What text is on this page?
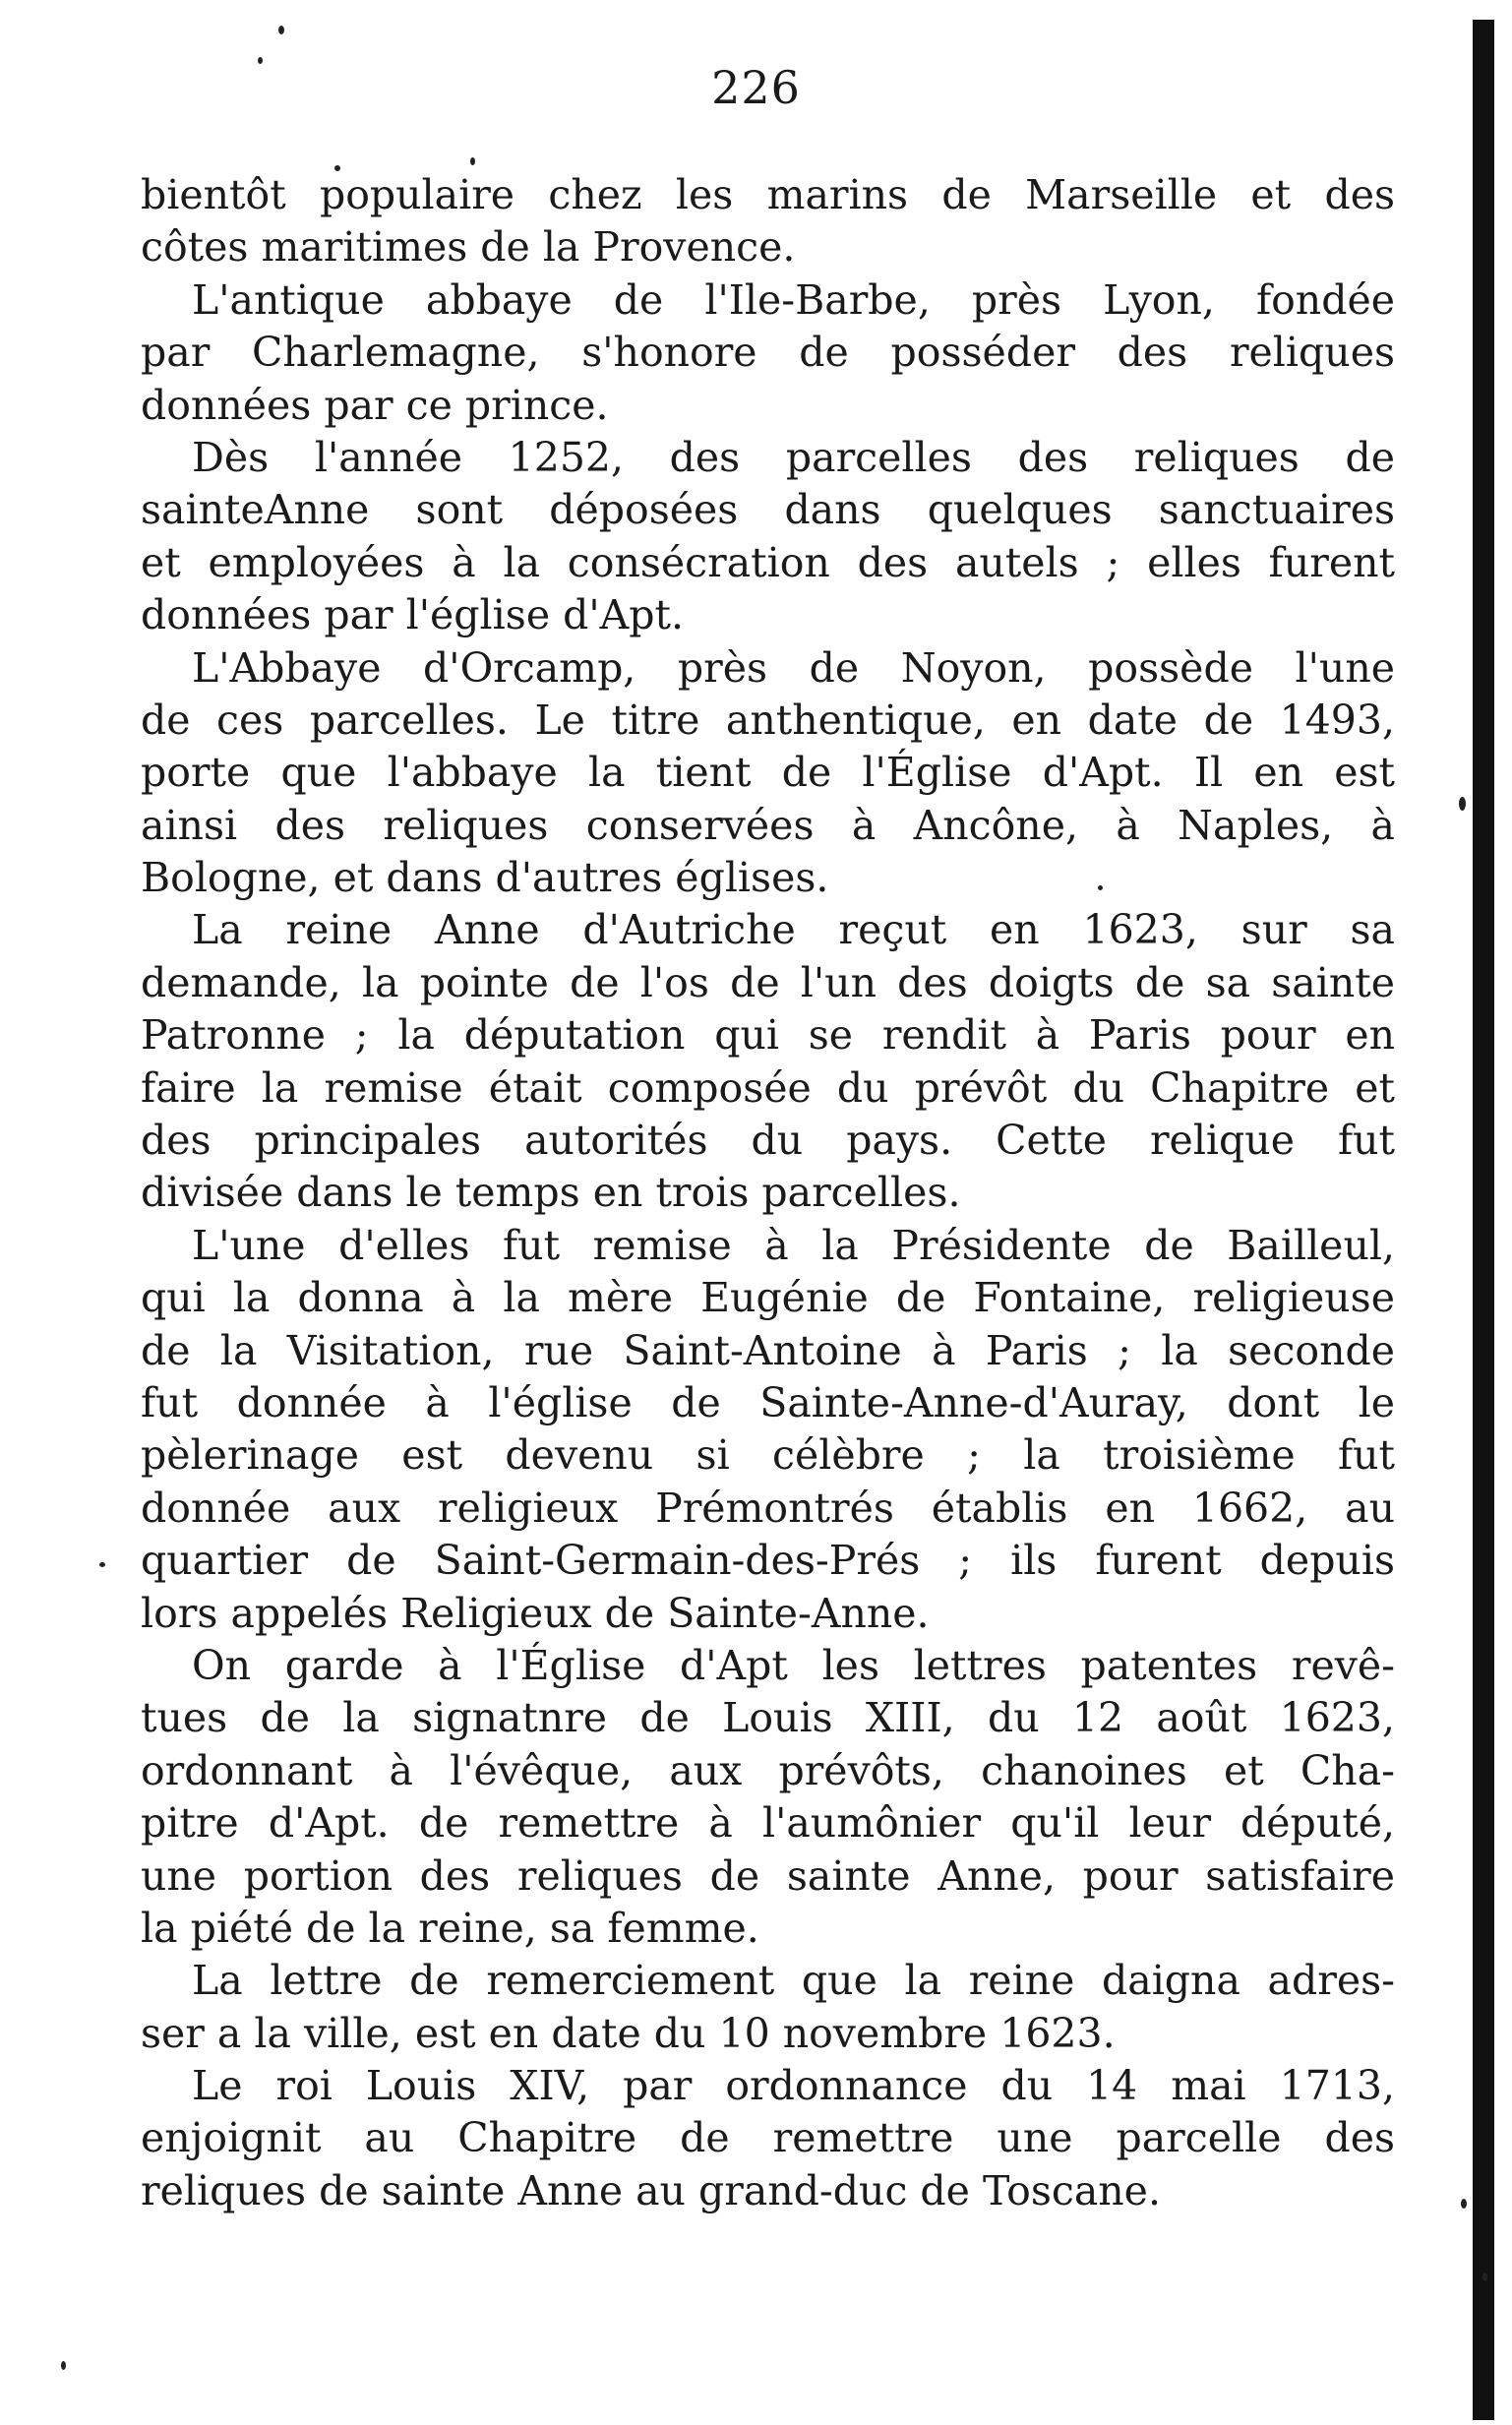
226
bientôt populaire chez les marins de Marseille et des
côtes maritimes de la Provence.
L'antique abbaye de l'Ile-Barbe, près Lyon, fondée
par Charlemagne, s'honore de posséder des reliques
données par ce prince.
Dès l'année 1252, des parcelles des reliques de
sainteAnne sont déposées dans quelques sanctuaires
et employées à la consécration des autels ; elles furent
données par l'église d'Apt.
L'Abbaye d'Orcamp, près de Noyon, possède l'une
de ces parcelles. Le titre anthentique, en date de 1493,
porte que l'abbaye la tient de l'Église d'Apt. Il en est
ainsi des reliques conservées à Ancône, à Naples, à
Bologne, et dans d'autres églises.
La reine Anne d'Autriche reçut en 1623, sur sa
demande, la pointe de l'os de l'un des doigts de sa sainte
Patronne ; la députation qui se rendit à Paris pour en
faire la remise était composée du prévôt du Chapitre et
des principales autorités du pays. Cette relique fut
divisée dans le temps en trois parcelles.
L'une d'elles fut remise à la Présidente de Bailleul,
qui la donna à la mère Eugénie de Fontaine, religieuse
de la Visitation, rue Saint-Antoine à Paris ; la seconde
fut donnée à l'église de Sainte-Anne-d'Auray, dont le
pèlerinage est devenu si célèbre ; la troisième fut
donnée aux religieux Prémontrés établis en 1662, au
quartier de Saint-Germain-des-Prés ; ils furent depuis
lors appelés Religieux de Sainte-Anne.
On garde à l'Église d'Apt les lettres patentes revê-
tues de la signatnre de Louis XIII, du 12 août 1623,
ordonnant à l'évêque, aux prévôts, chanoines et Cha-
pitre d'Apt. de remettre à l'aumônier qu'il leur député,
une portion des reliques de sainte Anne, pour satisfaire
la piété de la reine, sa femme.
La lettre de remerciement que la reine daigna adres-
ser a la ville, est en date du 10 novembre 1623.
Le roi Louis XIV, par ordonnance du 14 mai 1713,
enjoignit au Chapitre de remettre une parcelle des
reliques de sainte Anne au grand-duc de Toscane.
